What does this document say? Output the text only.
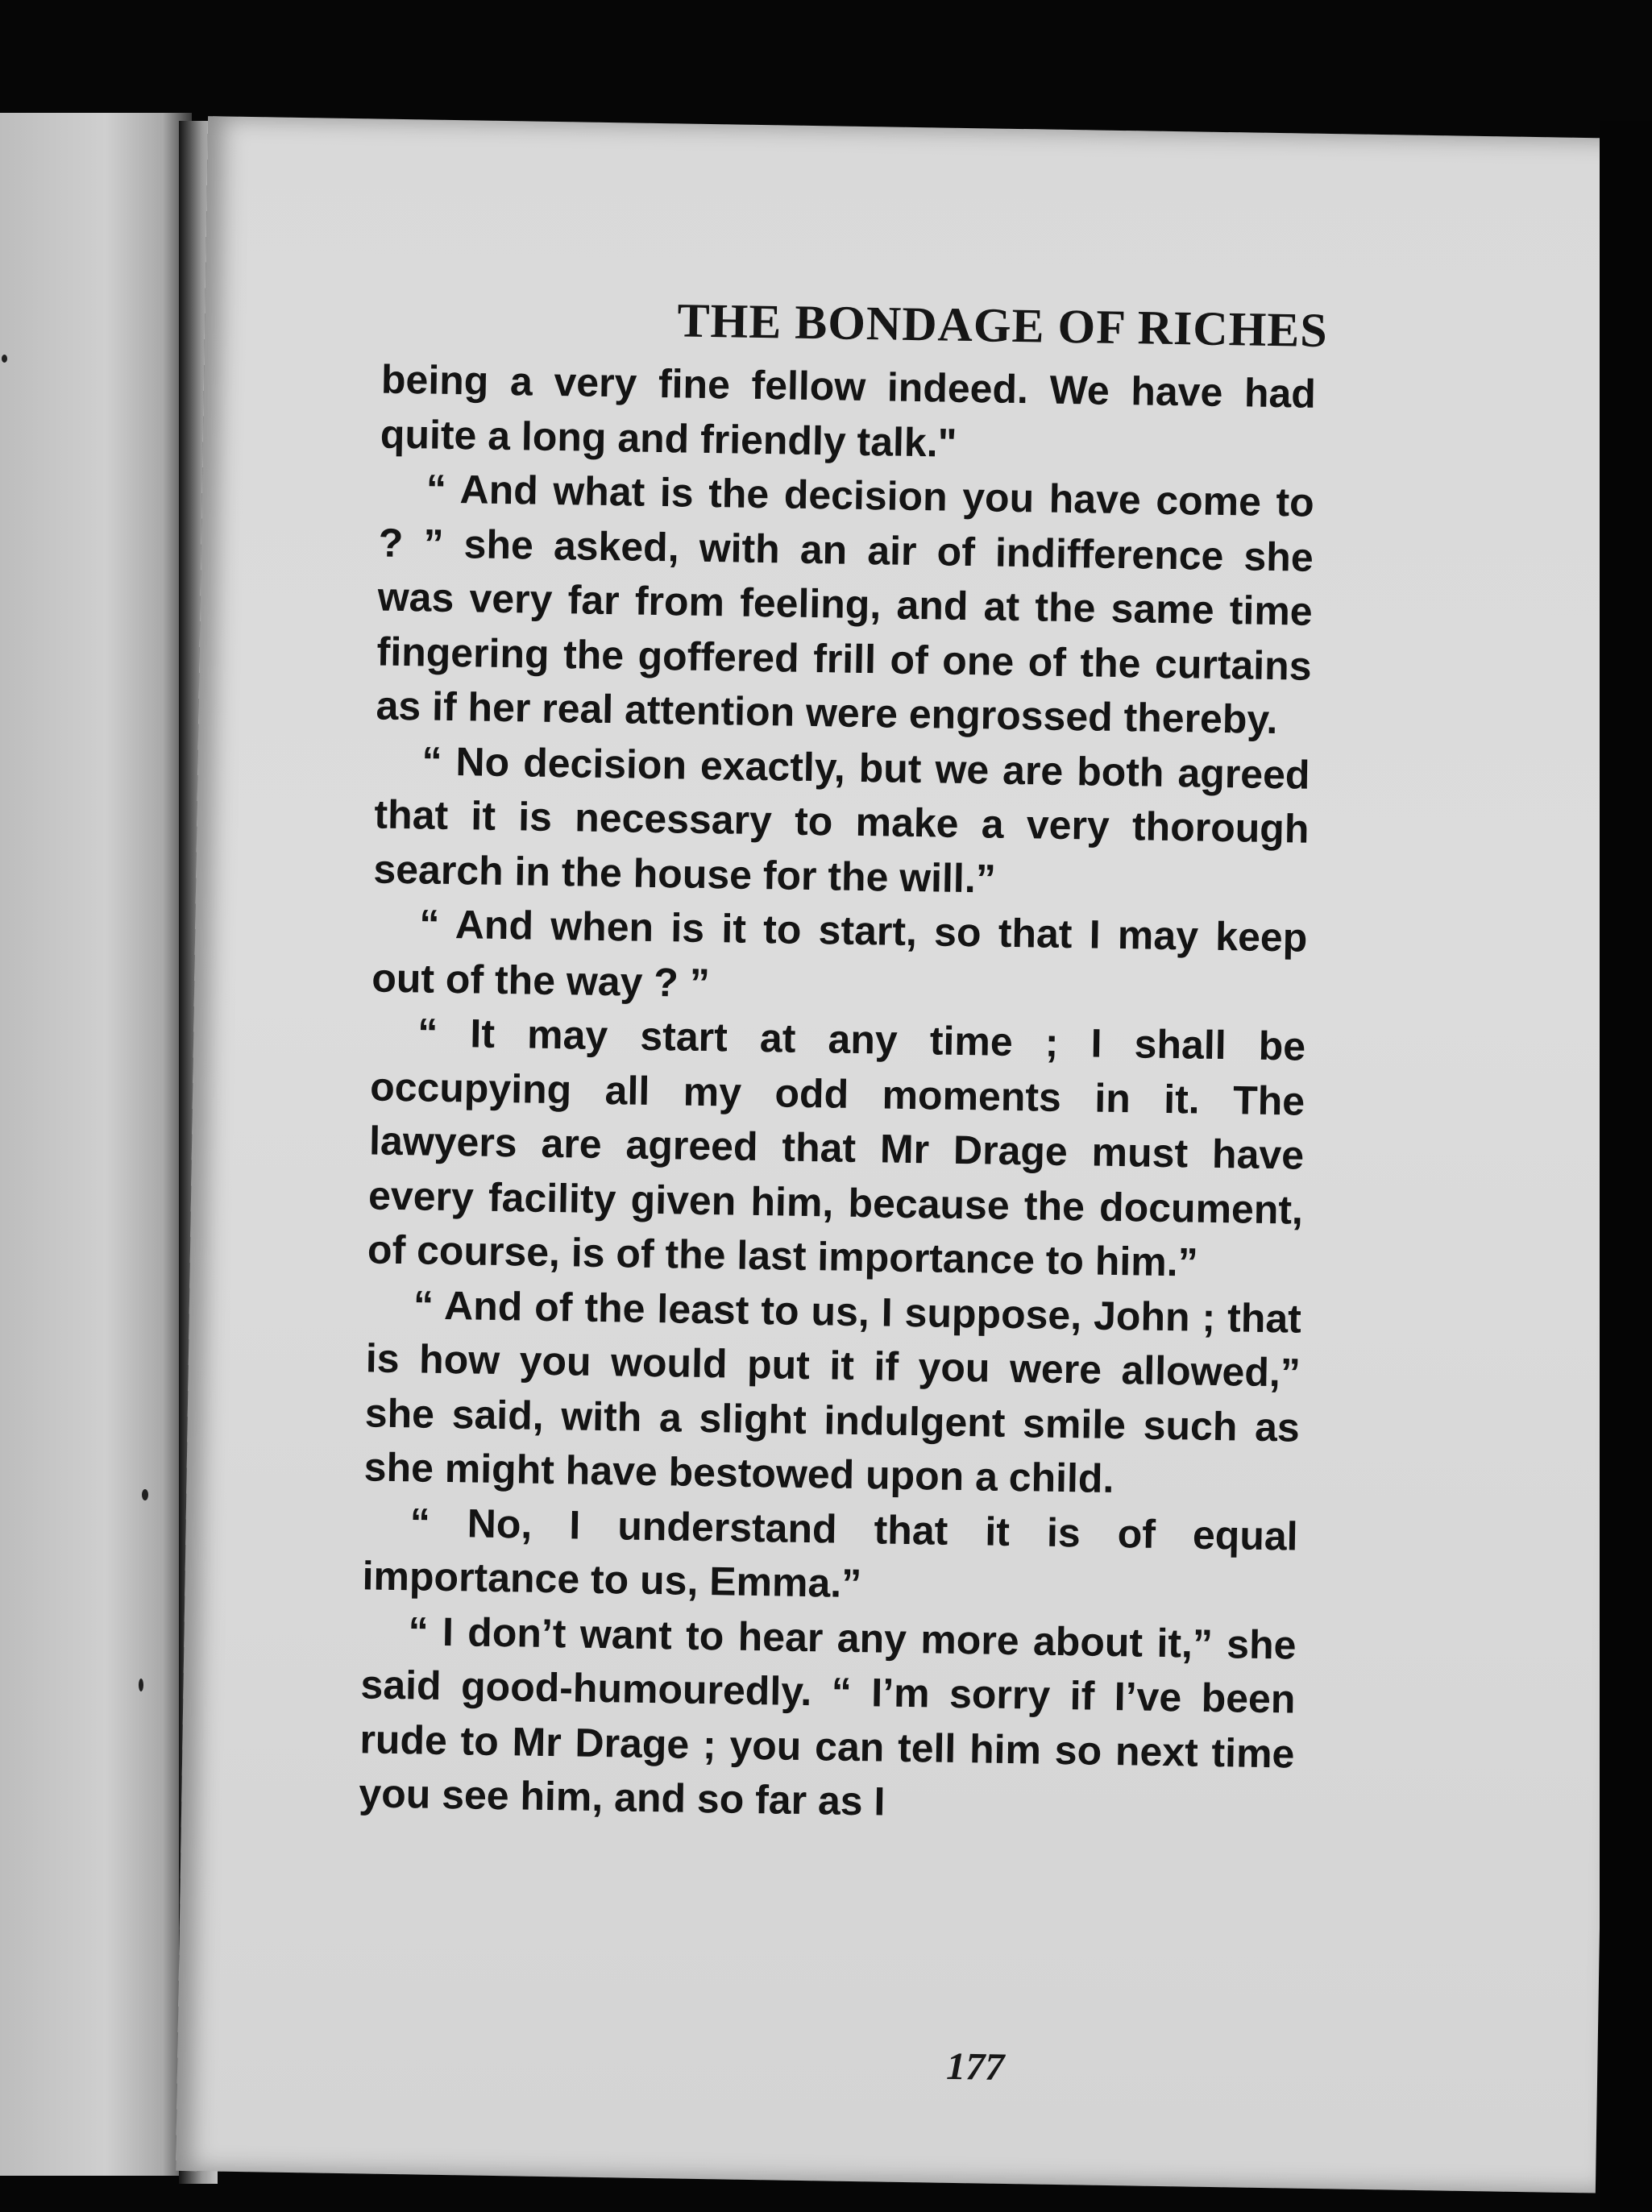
THE BONDAGE OF RICHES

being a very fine fellow indeed. We have had quite a long and friendly talk."

“ And what is the decision you have come to ? ” she asked, with an air of indifference she was very far from feeling, and at the same time fingering the goffered frill of one of the curtains as if her real attention were engrossed thereby.

“ No decision exactly, but we are both agreed that it is necessary to make a very thorough search in the house for the will.”

“ And when is it to start, so that I may keep out of the way ? ”

“ It may start at any time ; I shall be occupying all my odd moments in it. The lawyers are agreed that Mr Drage must have every facility given him, because the document, of course, is of the last importance to him.”

“ And of the least to us, I suppose, John ; that is how you would put it if you were allowed,” she said, with a slight indulgent smile such as she might have bestowed upon a child.

“ No, I understand that it is of equal importance to us, Emma.”

“ I don’t want to hear any more about it,” she said good-humouredly. “ I’m sorry if I’ve been rude to Mr Drage ; you can tell him so next time you see him, and so far as I

177
